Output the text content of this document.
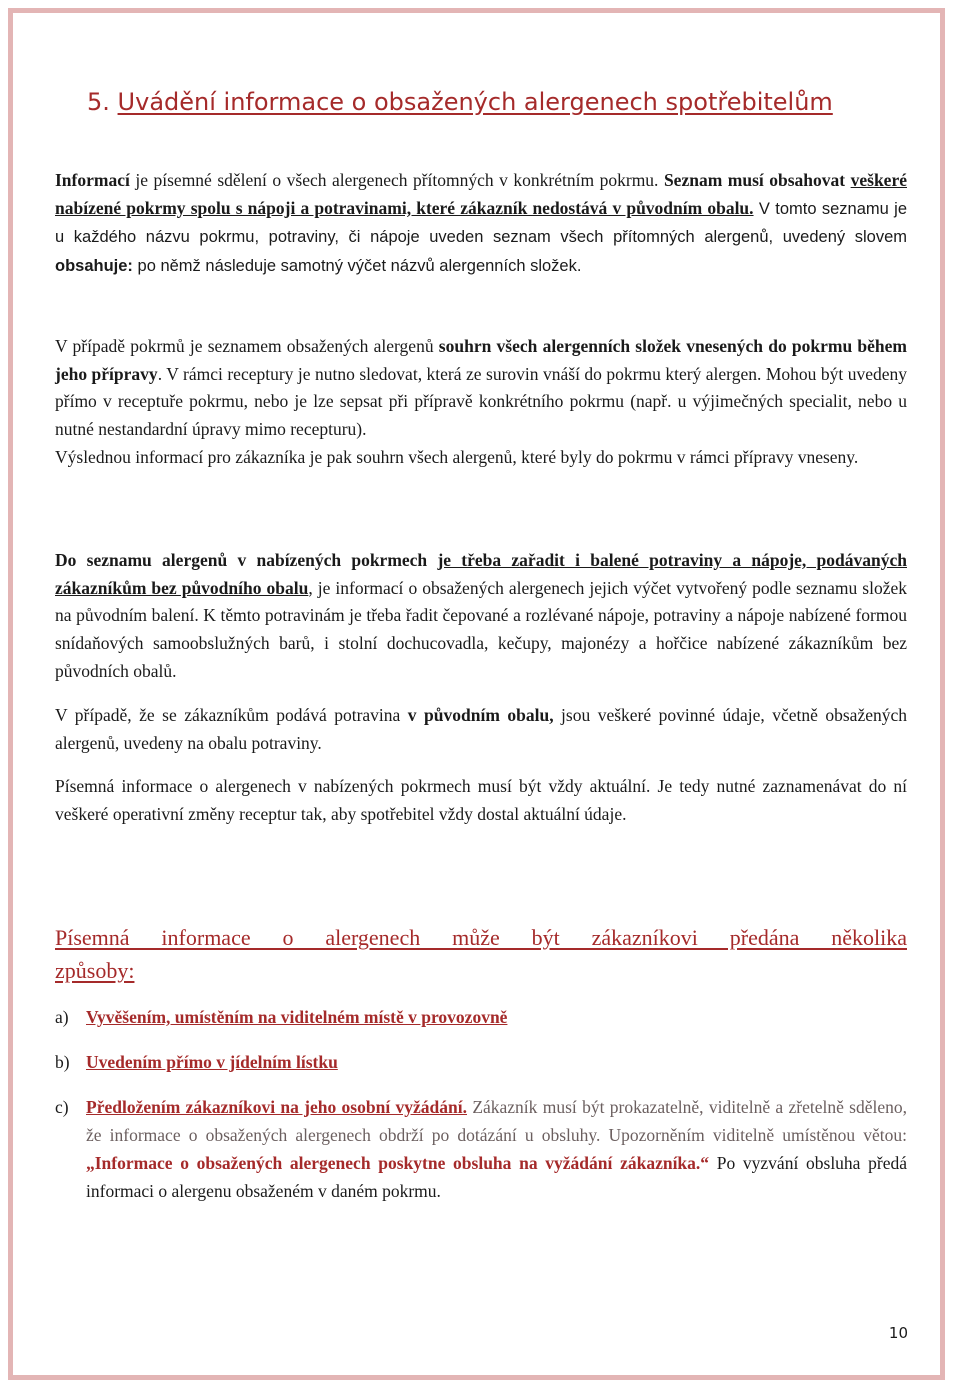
5. Uvádění informace o obsažených alergenech spotřebitelům

Informací je písemné sdělení o všech alergenech přítomných v konkrétním pokrmu. Seznam musí obsahovat veškeré nabízené pokrmy spolu s nápoji a potravinami, které zákazník nedostává v původním obalu. V tomto seznamu je u každého názvu pokrmu, potraviny, či nápoje uveden seznam všech přítomných alergenů, uvedený slovem obsahuje: po němž následuje samotný výčet názvů alergenních složek.

V případě pokrmů je seznamem obsažených alergenů souhrn všech alergenních složek vnesených do pokrmu během jeho přípravy. V rámci receptury je nutno sledovat, která ze surovin vnáší do pokrmu který alergen. Mohou být uvedeny přímo v receptuře pokrmu, nebo je lze sepsat při přípravě konkrétního pokrmu (např. u výjimečných specialit, nebo u nutné nestandardní úpravy mimo recepturu).
Výslednou informací pro zákazníka je pak souhrn všech alergenů, které byly do pokrmu v rámci přípravy vneseny.

Do seznamu alergenů v nabízených pokrmech je třeba zařadit i balené potraviny a nápoje, podávaných zákazníkům bez původního obalu, je informací o obsažených alergenech jejich výčet vytvořený podle seznamu složek na původním balení. K těmto potravinám je třeba řadit čepované a rozlévané nápoje, potraviny a nápoje nabízené formou snídaňových samoobslužných barů, i stolní dochucovadla, kečupy, majonézy a hořčice nabízené zákazníkům bez původních obalů.

V případě, že se zákazníkům podává potravina v původním obalu, jsou veškeré povinné údaje, včetně obsažených alergenů, uvedeny na obalu potraviny.

Písemná informace o alergenech v nabízených pokrmech musí být vždy aktuální. Je tedy nutné zaznamenávat do ní veškeré operativní změny receptur tak, aby spotřebitel vždy dostal aktuální údaje.

Písemná informace o alergenech může být zákazníkovi předána několika
způsoby:
a) Vyvěšením, umístěním na viditelném místě v provozovně
b) Uvedením přímo v jídelním lístku
c) Předložením zákazníkovi na jeho osobní vyžádání. Zákazník musí být prokazatelně, viditelně a zřetelně sděleno, že informace o obsažených alergenech obdrží po dotázání u obsluhy. Upozorněním viditelně umístěnou větou: „Informace o obsažených alergenech poskytne obsluha na vyžádání zákazníka.“ Po vyzvání obsluha předá informaci o alergenu obsaženém v daném pokrmu.
10
